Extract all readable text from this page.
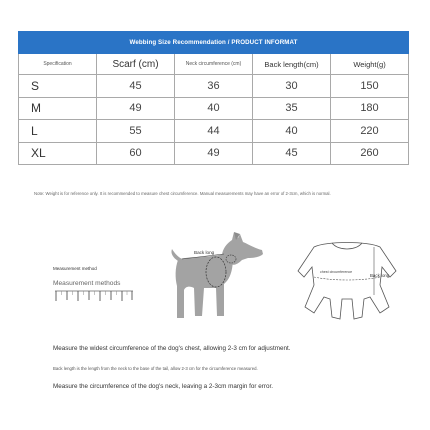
Webbing Size Recommendation / PRODUCT INFORMAT				
Specification	Scarf (cm)	Neck circumference (cm)	Back length(cm)	Weight(g)
S	45	36	30	150
M	49	40	35	180
L	55	44	40	220
XL	60	49	45	260
Note: Weight is for reference only. It is recommended to measure chest circumference. Manual measurements may have an error of 2-3cm, which is normal.
Measurement method
Measurement methods
Back long
chest circumference
Back long
Measure the widest circumference of the dog's chest, allowing 2-3 cm for adjustment.
Back length is the length from the neck to the base of the tail, allow 2-3 cm for the circumference measured.
Measure the circumference of the dog's neck, leaving a 2-3cm margin for error.
